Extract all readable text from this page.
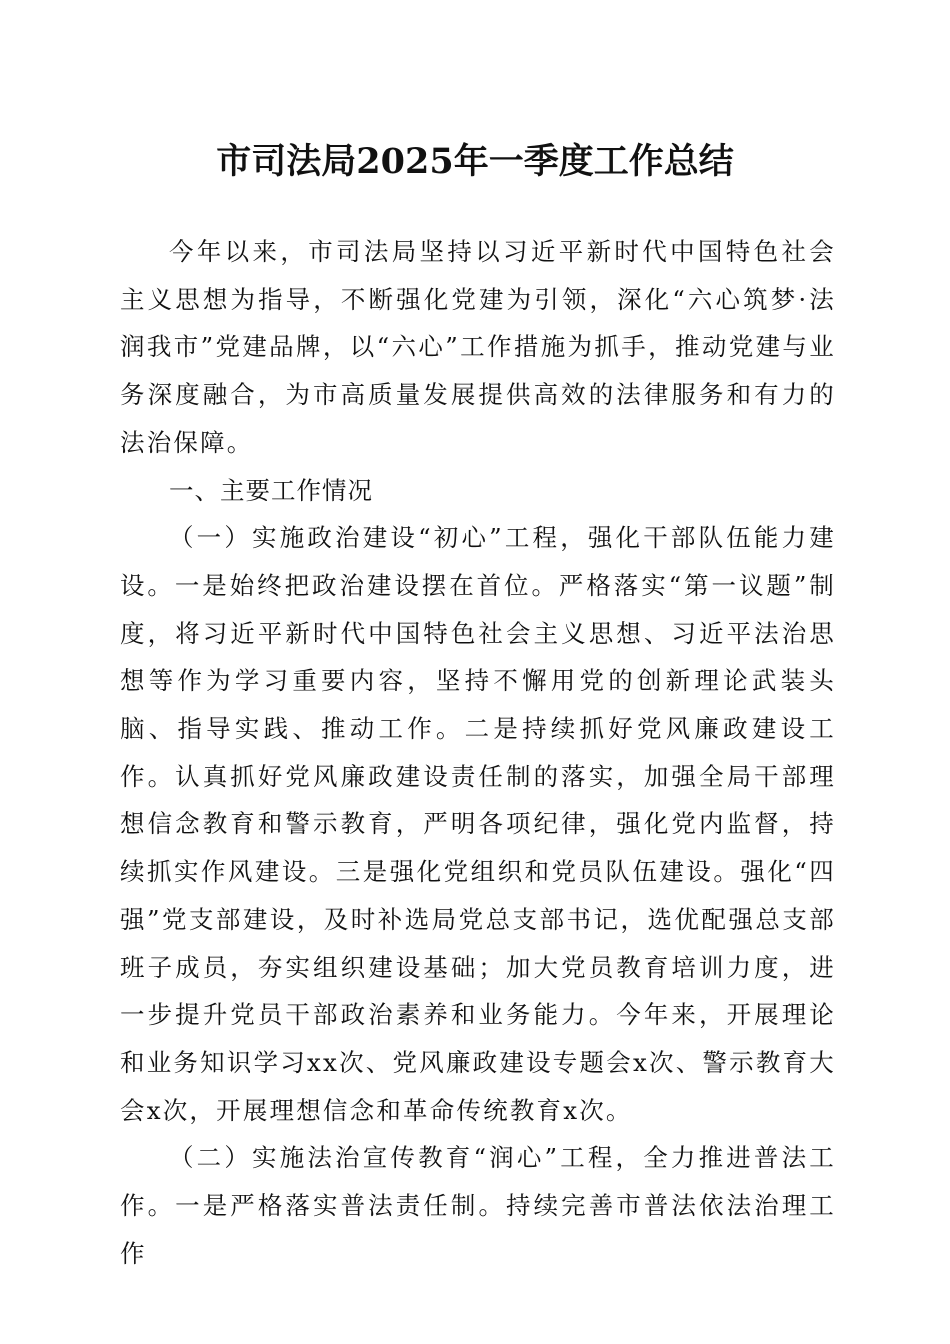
市司法局2025年一季度工作总结

今年以来，市司法局坚持以习近平新时代中国特色社会主义思想为指导，不断强化党建为引领，深化“六心筑梦·法润我市”党建品牌，以“六心”工作措施为抓手，推动党建与业务深度融合，为市高质量发展提供高效的法律服务和有力的法治保障。

一、主要工作情况

（一）实施政治建设“初心”工程，强化干部队伍能力建设。一是始终把政治建设摆在首位。严格落实“第一议题”制度，将习近平新时代中国特色社会主义思想、习近平法治思想等作为学习重要内容，坚持不懈用党的创新理论武装头脑、指导实践、推动工作。二是持续抓好党风廉政建设工作。认真抓好党风廉政建设责任制的落实，加强全局干部理想信念教育和警示教育，严明各项纪律，强化党内监督，持续抓实作风建设。三是强化党组织和党员队伍建设。强化“四强”党支部建设，及时补选局党总支部书记，选优配强总支部班子成员，夯实组织建设基础；加大党员教育培训力度，进一步提升党员干部政治素养和业务能力。今年来，开展理论和业务知识学习xx次、党风廉政建设专题会x次、警示教育大会x次，开展理想信念和革命传统教育x次。

（二）实施法治宣传教育“润心”工程，全力推进普法工作。一是严格落实普法责任制。持续完善市普法依法治理工作
